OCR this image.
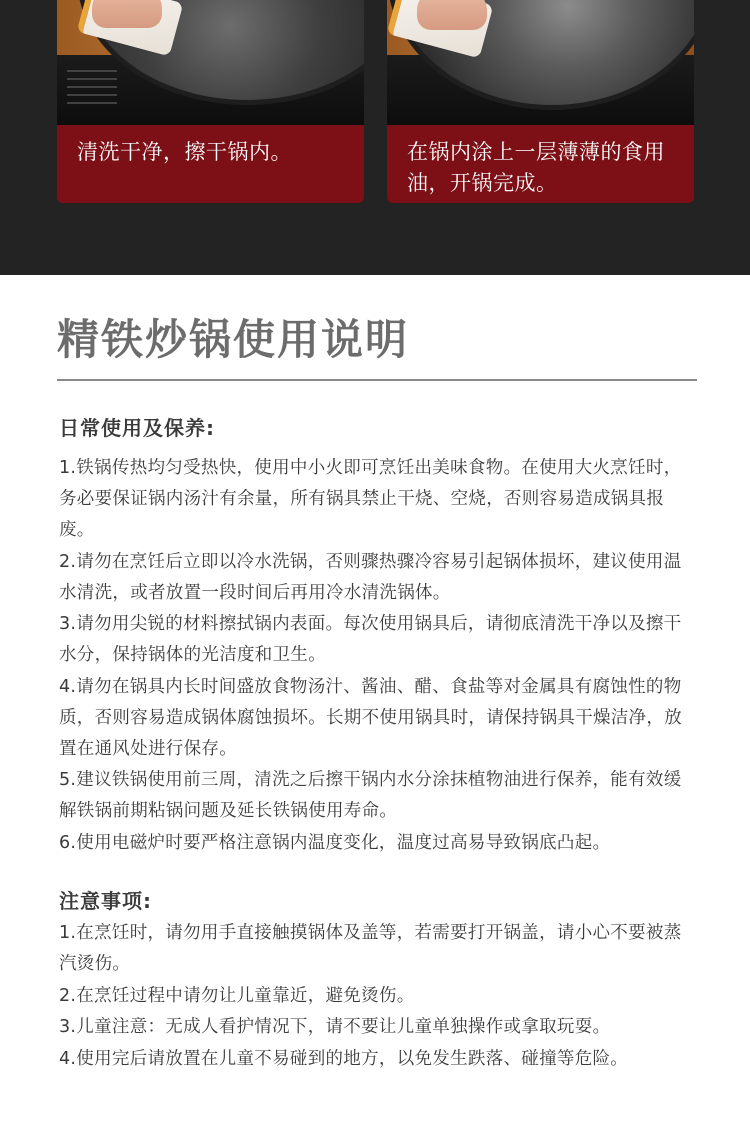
清洗干净，擦干锅内。	在锅内涂上一层薄薄的食用油，开锅完成。
精铁炒锅使用说明
日常使用及保养:
1.铁锅传热均匀受热快，使用中小火即可烹饪出美味食物。在使用大火烹饪时，务必要保证锅内汤汁有余量，所有锅具禁止干烧、空烧，否则容易造成锅具报废。
2.请勿在烹饪后立即以冷水洗锅，否则骤热骤冷容易引起锅体损坏，建议使用温水清洗，或者放置一段时间后再用冷水清洗锅体。
3.请勿用尖锐的材料擦拭锅内表面。每次使用锅具后，请彻底清洗干净以及擦干水分，保持锅体的光洁度和卫生。
4.请勿在锅具内长时间盛放食物汤汁、酱油、醋、食盐等对金属具有腐蚀性的物质，否则容易造成锅体腐蚀损坏。长期不使用锅具时，请保持锅具干燥洁净，放置在通风处进行保存。
5.建议铁锅使用前三周，清洗之后擦干锅内水分涂抹植物油进行保养，能有效缓解铁锅前期粘锅问题及延长铁锅使用寿命。
6.使用电磁炉时要严格注意锅内温度变化，温度过高易导致锅底凸起。
注意事项:
1.在烹饪时，请勿用手直接触摸锅体及盖等，若需要打开锅盖，请小心不要被蒸汽烫伤。
2.在烹饪过程中请勿让儿童靠近，避免烫伤。
3.儿童注意：无成人看护情况下，请不要让儿童单独操作或拿取玩耍。
4.使用完后请放置在儿童不易碰到的地方，以免发生跌落、碰撞等危险。
